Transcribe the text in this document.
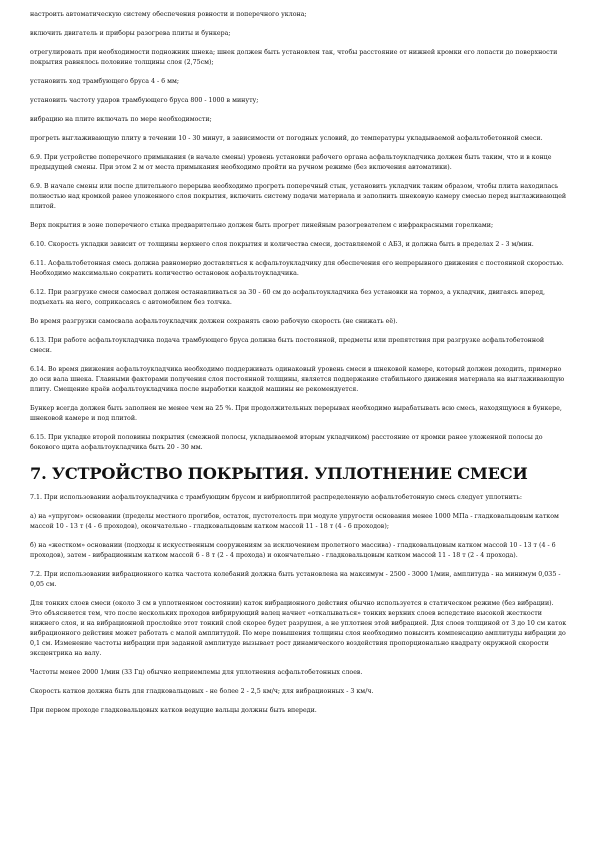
настроить автоматическую систему обеспечения ровности и поперечного уклона;

включить двигатель и приборы разогрева плиты и бункера;

отрегулировать при необходимости подножник шнека; шнек должен быть установлен так, чтобы расстояние от нижней кромки его лопасти до поверхности покрытия равнялось половине толщины слоя (2,75см);

установить ход трамбующего бруса 4 - 6 мм;

установить частоту ударов трамбующего бруса 800 - 1000 в минуту;

вибрацию на плите включать по мере необходимости;

прогреть выглаживающую плиту в течении 10 - 30 минут, в зависимости от погодных условий, до температуры укладываемой асфальтобетонной смеси.

6.9. При устройстве поперечного примыкания (в начале смены) уровень установки рабочего органа асфальтоукладчика должен быть таким, что и в конце предыдущей смены. При этом 2 м от места примыкания необходимо пройти на ручном режиме (без включения автоматики).

6.9. В начале смены или после длительного перерыва необходимо прогреть поперечный стык, установить укладчик таким образом, чтобы плита находилась полностью над кромкой ранее уложенного слоя покрытия, включить систему подачи материала и заполнить шнековую камеру смесью перед выглаживающей плитой.

Верх покрытия в зоне поперечного стыка предварительно должен быть прогрет линейным разогревателем с инфракрасными горелками;

6.10. Скорость укладки зависит от толщины верхнего слоя покрытия и количества смеси, доставляемой с АБЗ, и должна быть в пределах 2 - 3 м/мин.

6.11. Асфальтобетонная смесь должна равномерно доставляться к асфальтоукладчику для обеспечения его непрерывного движения с постоянной скоростью. Необходимо максимально сократить количество остановок асфальтоукладчика.

6.12. При разгрузке смеси самосвал должен останавливаться за 30 - 60 см до асфальтоукладчика без установки на тормоз, а укладчик, двигаясь вперед, подъехать на него, соприкасаясь с автомобилем без толчка.

Во время разгрузки самосвала асфальтоукладчик должен сохранять свою рабочую скорость (не снижать её).

6.13. При работе асфальтоукладчика подача трамбующего бруса должна быть постоянной, предметы или препятствия при разгрузке асфальтобетонной смеси.

6.14. Во время движения асфальтоукладчика необходимо поддерживать одинаковый уровень смеси в шнековой камере, который должен доходить, примерно до оси вала шнека. Главными факторами получения слоя постоянной толщины, является поддержание стабильного движения материала на выглаживающую плиту. Смещение краёв асфальтоукладчика после выработки каждой машины не рекомендуется.

Бункер всегда должен быть заполнен не менее чем на 25 %. При продолжительных перерывах необходимо вырабатывать всю смесь, находящуюся в бункере, шнековой камере и под плитой.

6.15. При укладке второй половины покрытия (смежной полосы, укладываемой вторым укладчиком) расстояние от кромки ранее уложенной полосы до бокового щита асфальтоукладчика быть 20 - 30 мм.

7. УСТРОЙСТВО ПОКРЫТИЯ. УПЛОТНЕНИЕ СМЕСИ

7.1. При использовании асфальтоукладчика с трамбующим брусом и вибриоплитой распределенную асфальтобетонную смесь следует уплотнить:

а) на «упругом» основании (пределы местного прогибов, остаток, пустотелость при модуле упругости основания менее 1000 МПа - гладковальцовым катком массой 10 - 13 т (4 - 6 проходов), окончательно - гладковальцовым катком массой 11 - 18 т (4 - 6 проходов);

б) на «жестком» основании (подходы к искусственным сооружениям за исключением пролетного массива) - гладковальцовым катком массой 10 - 13 т (4 - 6 проходов), затем - вибрационным катком массой 6 - 8 т (2 - 4 прохода) и окончательно - гладковальцовым катком массой 11 - 18 т (2 - 4 прохода).

7.2. При использовании вибрационного катка частота колебаний должна быть установлена на максимум - 2500 - 3000 1/мин, амплитуда - на минимум 0,035 - 0,05 см.

Для тонких слоев смеси (около 3 см в уплотненном состоянии) каток вибрационного действия обычно используется в статическом режиме (без вибрации). Это объясняется тем, что после нескольких проходов вибрирующий валец начнет «откалываться» тонких верхних слоев вследствие высокой жесткости нижнего слоя, и на вибрационной прослойке этот тонкий слой скорее будет разрушен, а не уплотнен этой вибрацией. Для слоев толщиной от 3 до 10 см каток вибрационного действия может работать с малой амплитудой. По мере повышения толщины слоя необходимо повысить компенсацию амплитуды вибрации до 0,1 см. Изменение частоты вибрации при заданной амплитуде вызывает рост динамического воздействия пропорционально квадрату окружной скорости эксцентрика на валу.

Частоты менее 2000 1/мин (33 Гц) обычно неприемлемы для уплотнения асфальтобетонных слоев.

Скорость катков должна быть для гладковальцовых - не более 2 - 2,5 км/ч; для вибрационных - 3 км/ч.

При первом проходе гладковальцовых катков ведущие вальцы должны быть впереди.
